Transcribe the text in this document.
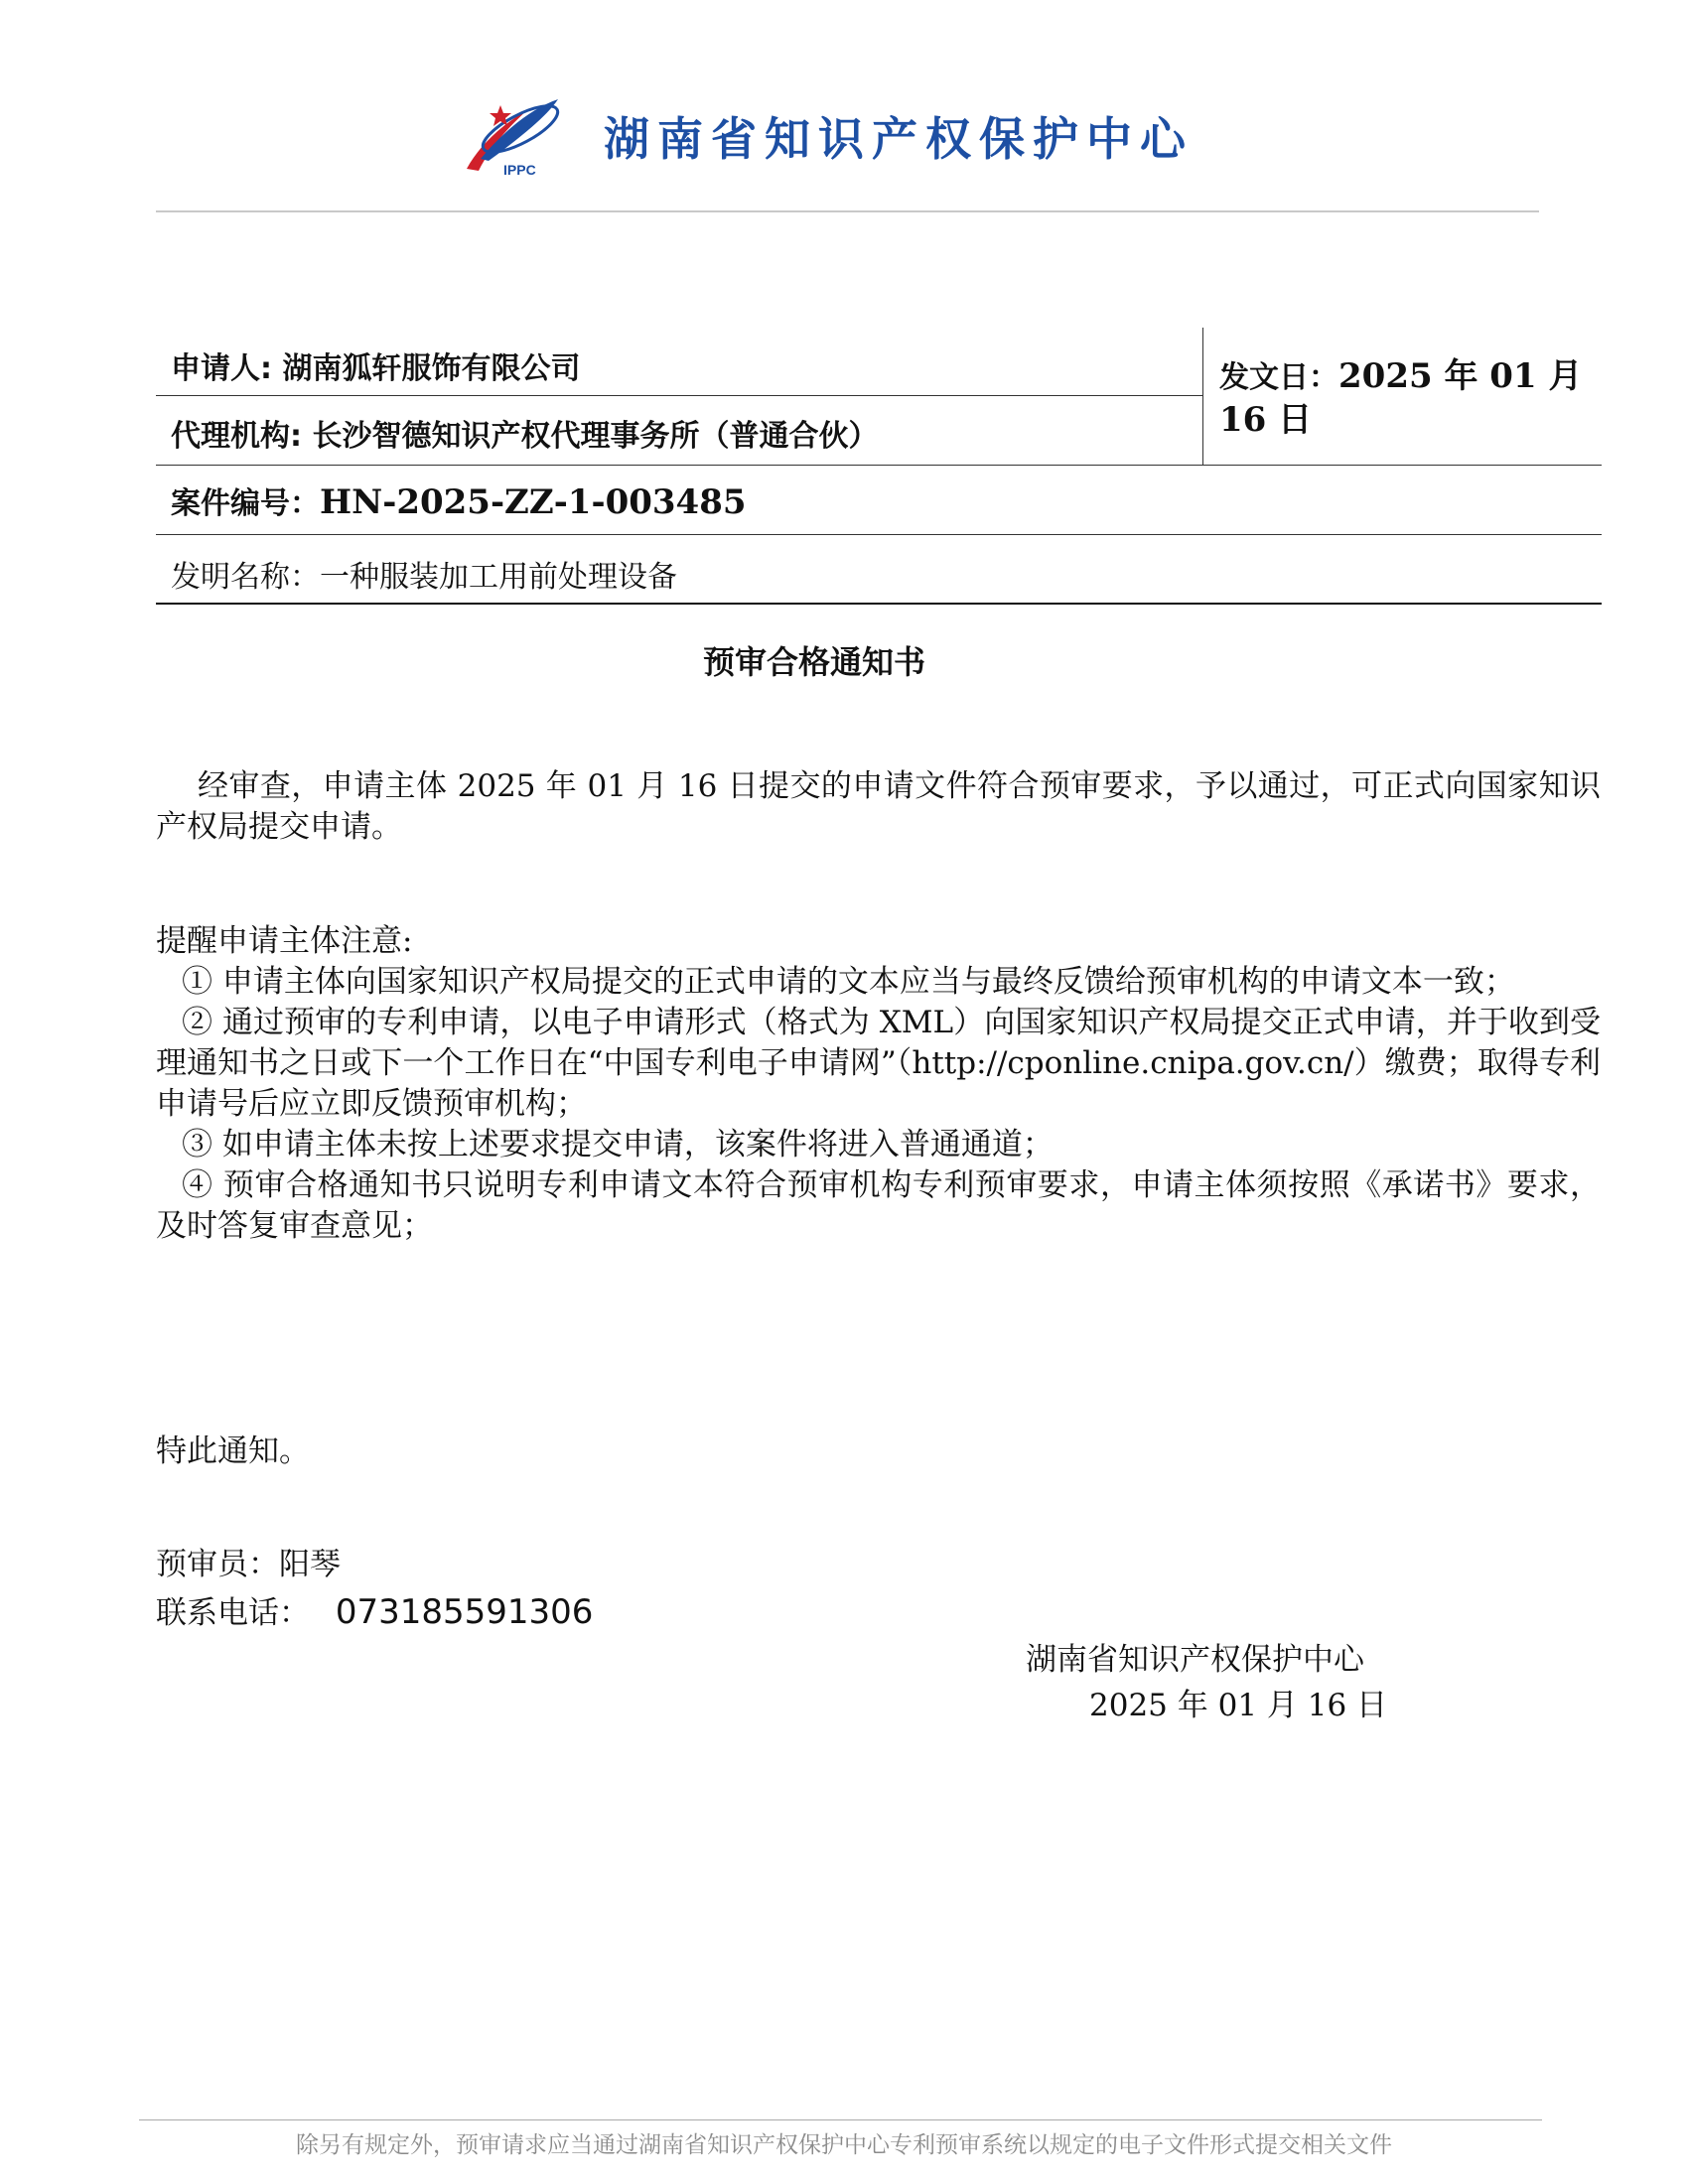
IPPC
湖南省知识产权保护中心
申请人: 湖南狐轩服饰有限公司
代理机构: 长沙智德知识产权代理事务所（普通合伙）
发文日：2025 年 01 月 16 日
案件编号：HN-2025-ZZ-1-003485
发明名称：一种服装加工用前处理设备
预审合格通知书
经审查，申请主体 2025 年 01 月 16 日提交的申请文件符合预审要求，予以通过，可正式向国家知识产权局提交申请。
提醒申请主体注意:
① 申请主体向国家知识产权局提交的正式申请的文本应当与最终反馈给预审机构的申请文本一致；
② 通过预审的专利申请，以电子申请形式（格式为 XML）向国家知识产权局提交正式申请，并于收到受理通知书之日或下一个工作日在“中国专利电子申请网”（http://cponline.cnipa.gov.cn/）缴费；取得专利申请号后应立即反馈预审机构；
③ 如申请主体未按上述要求提交申请，该案件将进入普通通道；
④ 预审合格通知书只说明专利申请文本符合预审机构专利预审要求，申请主体须按照《承诺书》要求，及时答复审查意见；
特此通知。
预审员：阳琴
联系电话： 073185591306
湖南省知识产权保护中心
2025 年 01 月 16 日
除另有规定外，预审请求应当通过湖南省知识产权保护中心专利预审系统以规定的电子文件形式提交相关文件
